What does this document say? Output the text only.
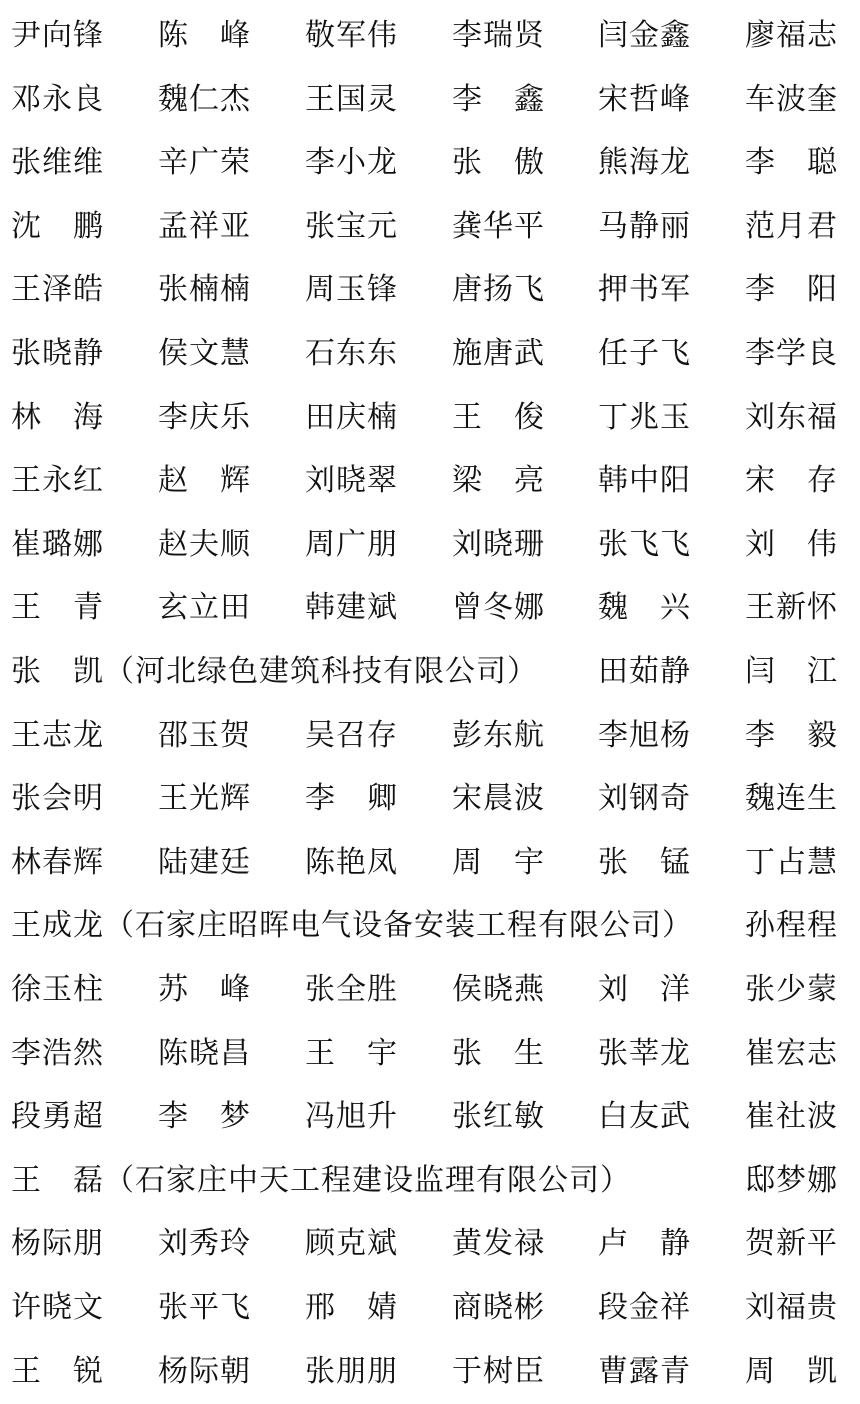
尹向锋 陈　峰 敬军伟 李瑞贤 闫金鑫 廖福志
邓永良 魏仁杰 王国灵 李　鑫 宋哲峰 车波奎
张维维 辛广荣 李小龙 张　傲 熊海龙 李　聪
沈　鹏 孟祥亚 张宝元 龚华平 马静丽 范月君
王泽皓 张楠楠 周玉锋 唐扬飞 押书军 李　阳
张晓静 侯文慧 石东东 施唐武 任子飞 李学良
林　海 李庆乐 田庆楠 王　俊 丁兆玉 刘东福
王永红 赵　辉 刘晓翠 梁　亮 韩中阳 宋　存
崔璐娜 赵夫顺 周广朋 刘晓珊 张飞飞 刘　伟
王　青 玄立田 韩建斌 曾冬娜 魏　兴 王新怀
张　凯（河北绿色建筑科技有限公司） 田茹静 闫　江
王志龙 邵玉贺 吴召存 彭东航 李旭杨 李　毅
张会明 王光辉 李　卿 宋晨波 刘钢奇 魏连生
林春辉 陆建廷 陈艳凤 周　宇 张　锰 丁占慧
王成龙（石家庄昭晖电气设备安装工程有限公司） 孙程程
徐玉柱 苏　峰 张全胜 侯晓燕 刘　洋 张少蒙
李浩然 陈晓昌 王　宇 张　生 张莘龙 崔宏志
段勇超 李　梦 冯旭升 张红敏 白友武 崔社波
王　磊（石家庄中天工程建设监理有限公司）	邸梦娜
杨际朋 刘秀玲 顾克斌 黄发禄 卢　静 贺新平
许晓文 张平飞 邢　婧 商晓彬 段金祥 刘福贵
王　锐 杨际朝 张朋朋 于树臣 曹露青 周　凯
